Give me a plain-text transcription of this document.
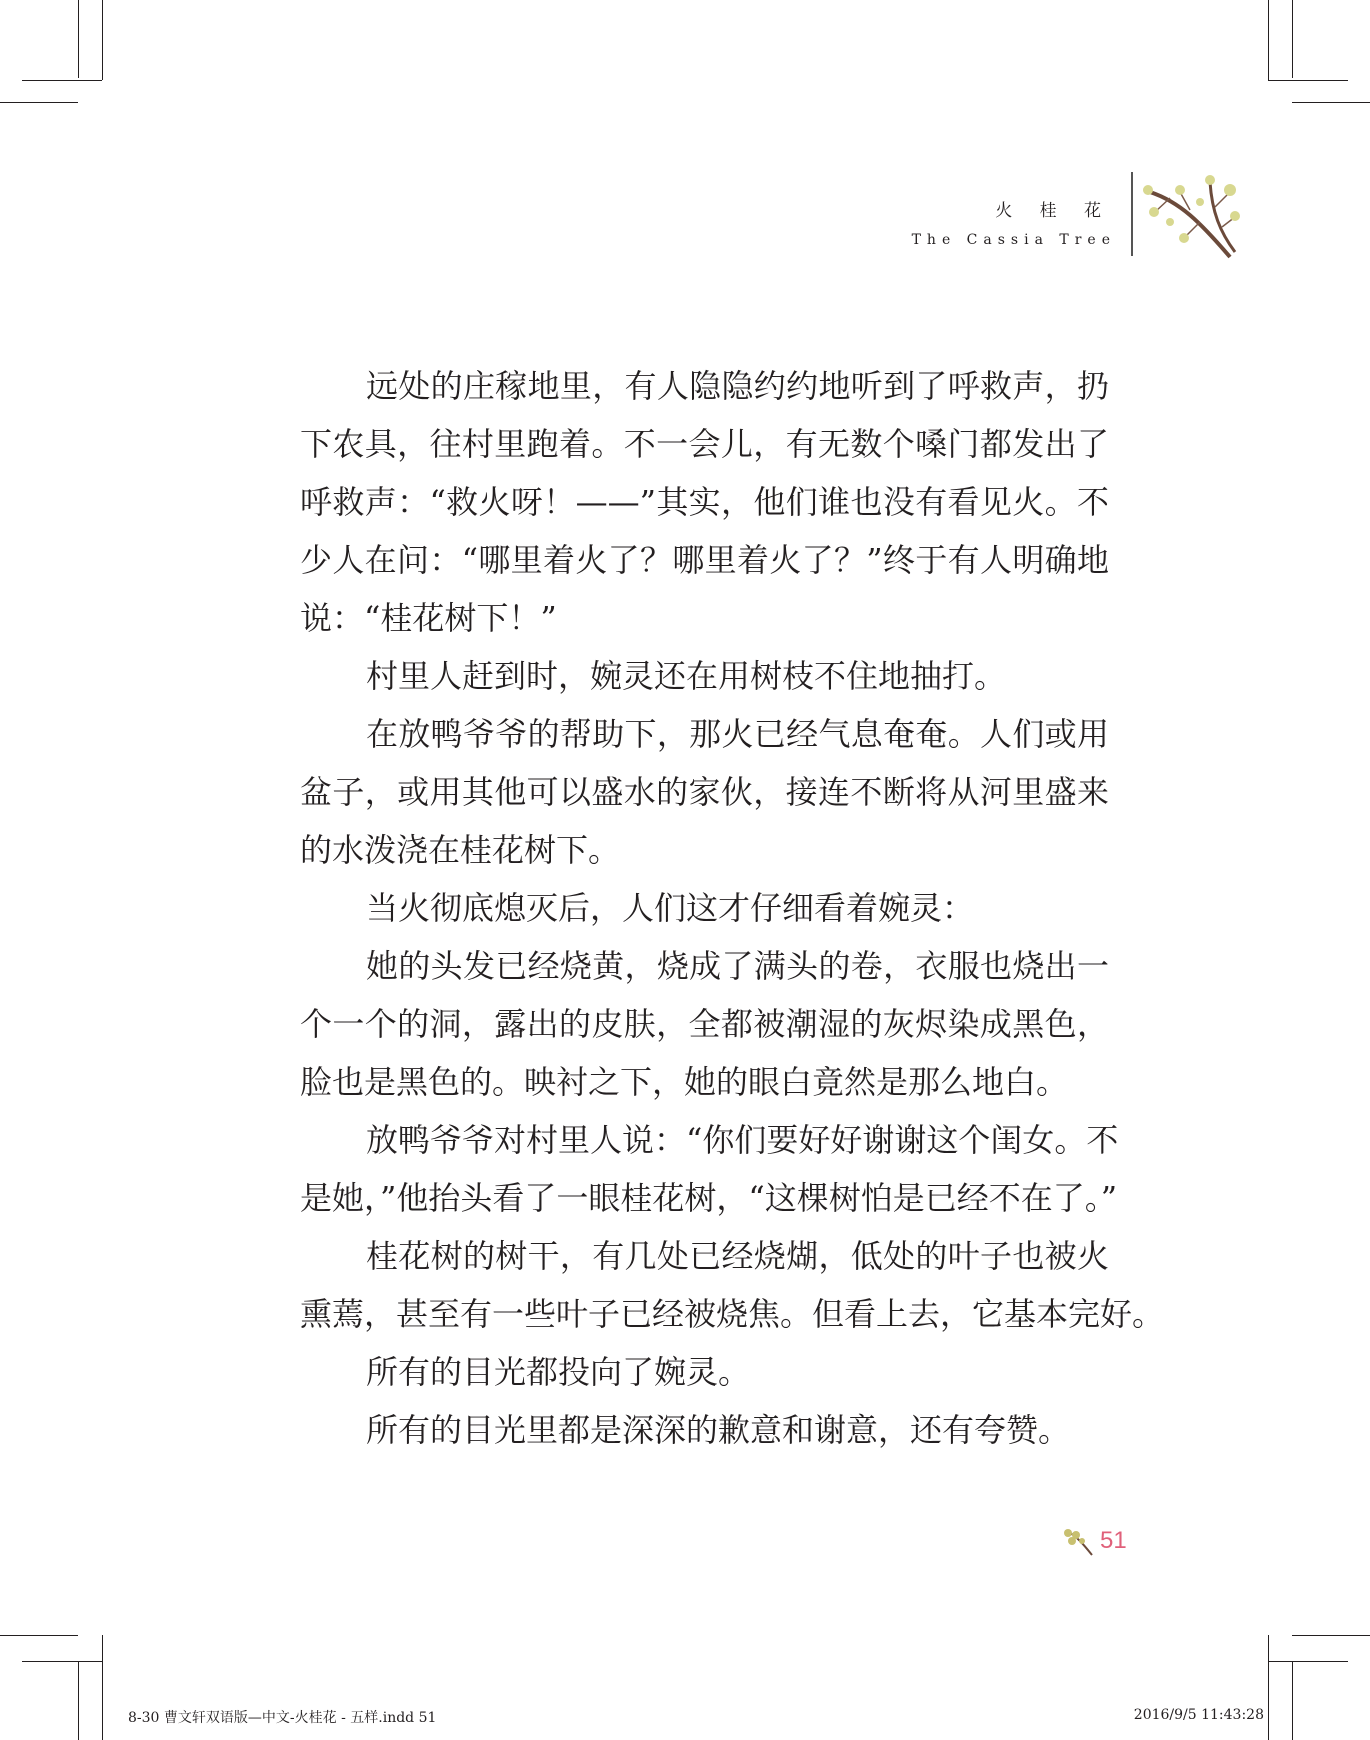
火 桂 花
The Cassia Tree
远处的庄稼地里，有人隐隐约约地听到了呼救声，扔
下农具，往村里跑着。不一会儿，有无数个嗓门都发出了
呼救声：“救火呀！——”其实，他们谁也没有看见火。不
少人在问：“哪里着火了？哪里着火了？”终于有人明确地
说：“桂花树下！”
村里人赶到时，婉灵还在用树枝不住地抽打。
在放鸭爷爷的帮助下，那火已经气息奄奄。人们或用
盆子，或用其他可以盛水的家伙，接连不断将从河里盛来
的水泼浇在桂花树下。
当火彻底熄灭后，人们这才仔细看着婉灵：
她的头发已经烧黄，烧成了满头的卷，衣服也烧出一
个一个的洞，露出的皮肤，全都被潮湿的灰烬染成黑色，
脸也是黑色的。映衬之下，她的眼白竟然是那么地白。
放鸭爷爷对村里人说：“你们要好好谢谢这个闺女。不
是她，”他抬头看了一眼桂花树，“这棵树怕是已经不在了。”
桂花树的树干，有几处已经烧煳，低处的叶子也被火
熏蔫，甚至有一些叶子已经被烧焦。但看上去，它基本完好。
所有的目光都投向了婉灵。
所有的目光里都是深深的歉意和谢意，还有夸赞。
51
8-30 曹文轩双语版—中文-火桂花 - 五样.indd 51	2016/9/5 11:43:28
